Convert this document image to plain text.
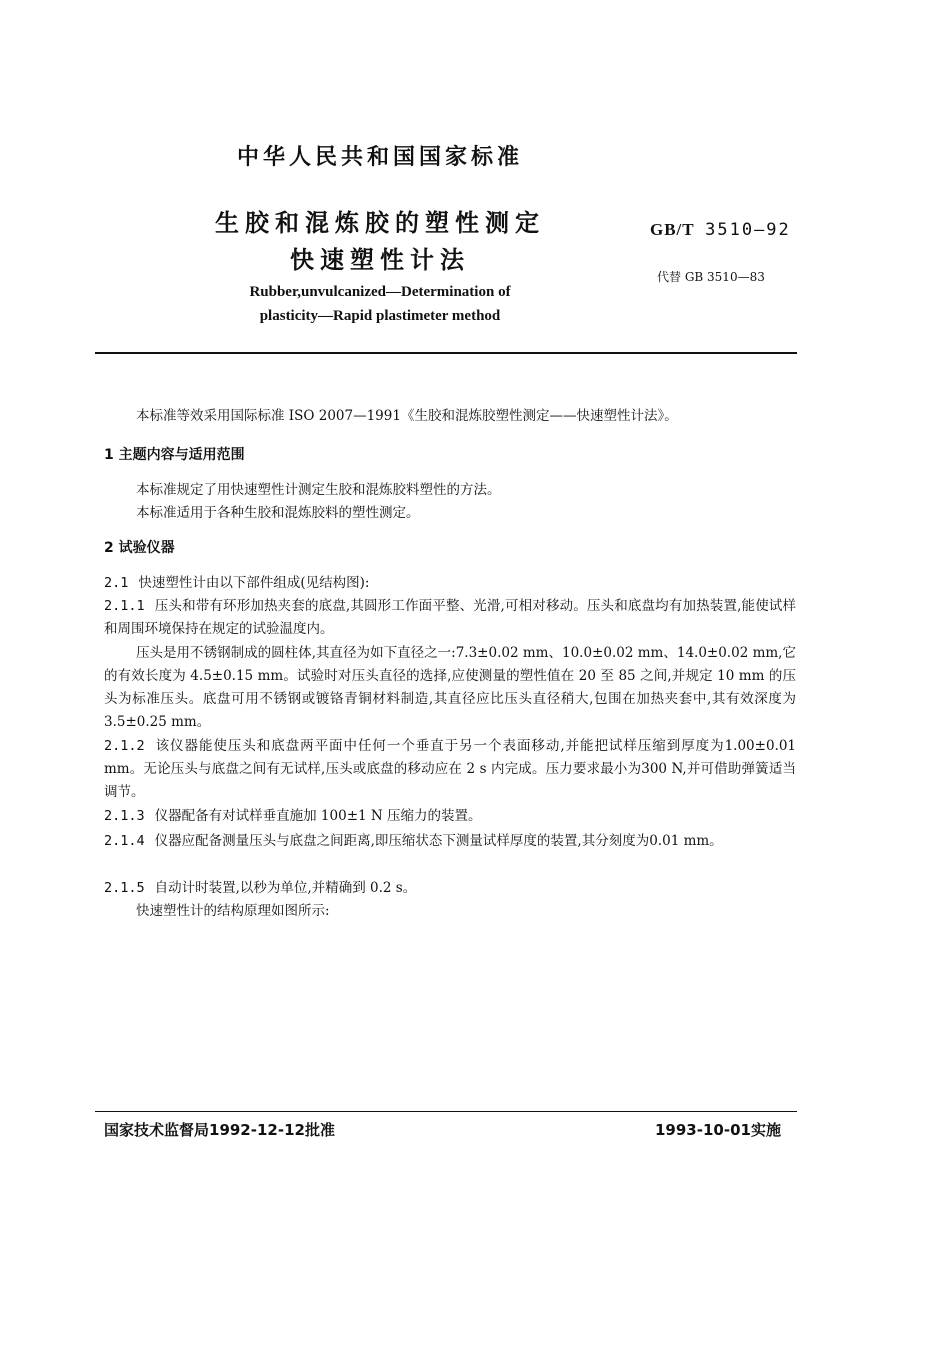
中华人民共和国国家标准
生胶和混炼胶的塑性测定
快速塑性计法
Rubber,unvulcanized—Determination of
plasticity—Rapid plastimeter method
GB/T 3510—92
代替 GB 3510—83
本标准等效采用国际标准 ISO 2007—1991《生胶和混炼胶塑性测定——快速塑性计法》。
1 主题内容与适用范围
本标准规定了用快速塑性计测定生胶和混炼胶料塑性的方法。
本标准适用于各种生胶和混炼胶料的塑性测定。
2 试验仪器
2.1 快速塑性计由以下部件组成(见结构图):
2.1.1 压头和带有环形加热夹套的底盘,其圆形工作面平整、光滑,可相对移动。压头和底盘均有加热装置,能使试样和周围环境保持在规定的试验温度内。
压头是用不锈钢制成的圆柱体,其直径为如下直径之一:7.3±0.02 mm、10.0±0.02 mm、14.0±0.02 mm,它的有效长度为 4.5±0.15 mm。试验时对压头直径的选择,应使测量的塑性值在 20 至 85 之间,并规定 10 mm 的压头为标准压头。底盘可用不锈钢或镀铬青铜材料制造,其直径应比压头直径稍大,包围在加热夹套中,其有效深度为 3.5±0.25 mm。
2.1.2 该仪器能使压头和底盘两平面中任何一个垂直于另一个表面移动,并能把试样压缩到厚度为1.00±0.01 mm。无论压头与底盘之间有无试样,压头或底盘的移动应在 2 s 内完成。压力要求最小为300 N,并可借助弹簧适当调节。
2.1.3 仪器配备有对试样垂直施加 100±1 N 压缩力的装置。
2.1.4 仪器应配备测量压头与底盘之间距离,即压缩状态下测量试样厚度的装置,其分刻度为0.01 mm。
2.1.5 自动计时装置,以秒为单位,并精确到 0.2 s。
快速塑性计的结构原理如图所示:
国家技术监督局1992-12-12批准	1993-10-01实施
